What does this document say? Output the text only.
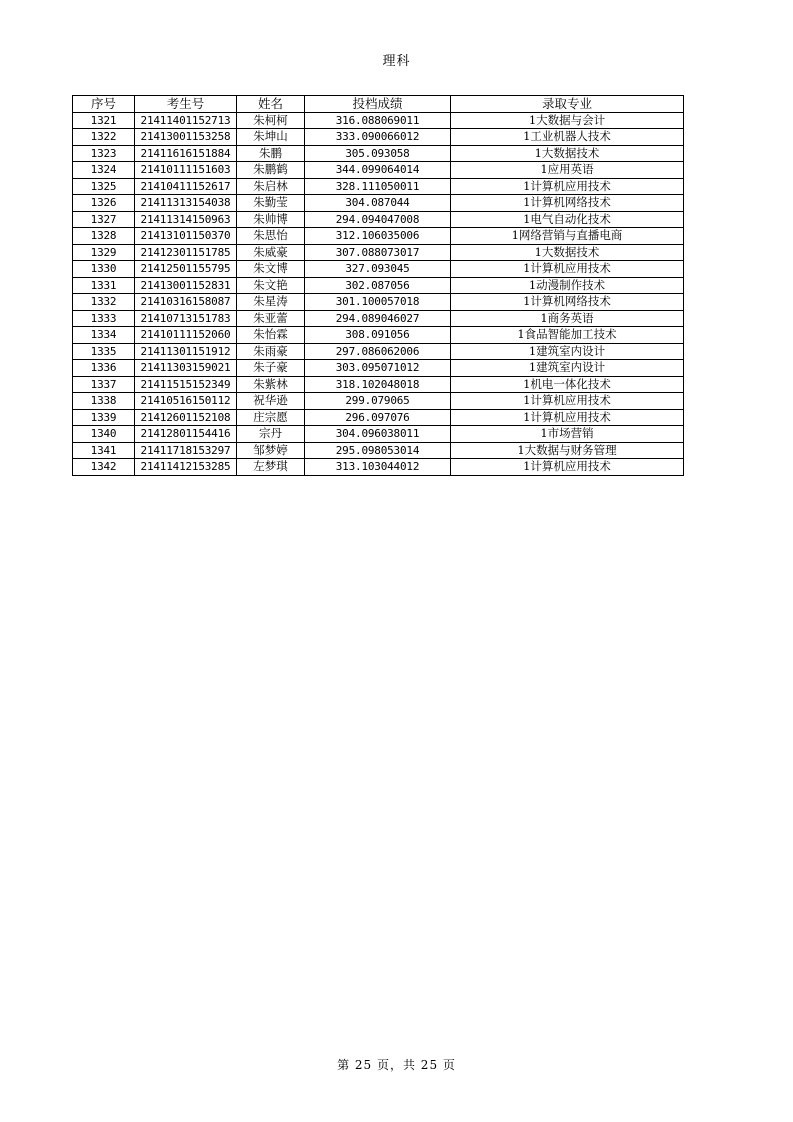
理科
序号	考生号	姓名	投档成绩	录取专业
1321	21411401152713	朱柯柯	316.088069011	1大数据与会计
1322	21413001153258	朱坤山	333.090066012	1工业机器人技术
1323	21411616151884	朱鹏	305.093058	1大数据技术
1324	21410111151603	朱鹏鹤	344.099064014	1应用英语
1325	21410411152617	朱启林	328.111050011	1计算机应用技术
1326	21411313154038	朱勤莹	304.087044	1计算机网络技术
1327	21411314150963	朱帅博	294.094047008	1电气自动化技术
1328	21413101150370	朱思怡	312.106035006	1网络营销与直播电商
1329	21412301151785	朱威豪	307.088073017	1大数据技术
1330	21412501155795	朱文博	327.093045	1计算机应用技术
1331	21413001152831	朱文艳	302.087056	1动漫制作技术
1332	21410316158087	朱星涛	301.100057018	1计算机网络技术
1333	21410713151783	朱亚蕾	294.089046027	1商务英语
1334	21410111152060	朱怡霖	308.091056	1食品智能加工技术
1335	21411301151912	朱雨豪	297.086062006	1建筑室内设计
1336	21411303159021	朱子豪	303.095071012	1建筑室内设计
1337	21411515152349	朱紫林	318.102048018	1机电一体化技术
1338	21410516150112	祝华逊	299.079065	1计算机应用技术
1339	21412601152108	庄宗愿	296.097076	1计算机应用技术
1340	21412801154416	宗丹	304.096038011	1市场营销
1341	21411718153297	邹梦婷	295.098053014	1大数据与财务管理
1342	21411412153285	左梦琪	313.103044012	1计算机应用技术
第 25 页，共 25 页
